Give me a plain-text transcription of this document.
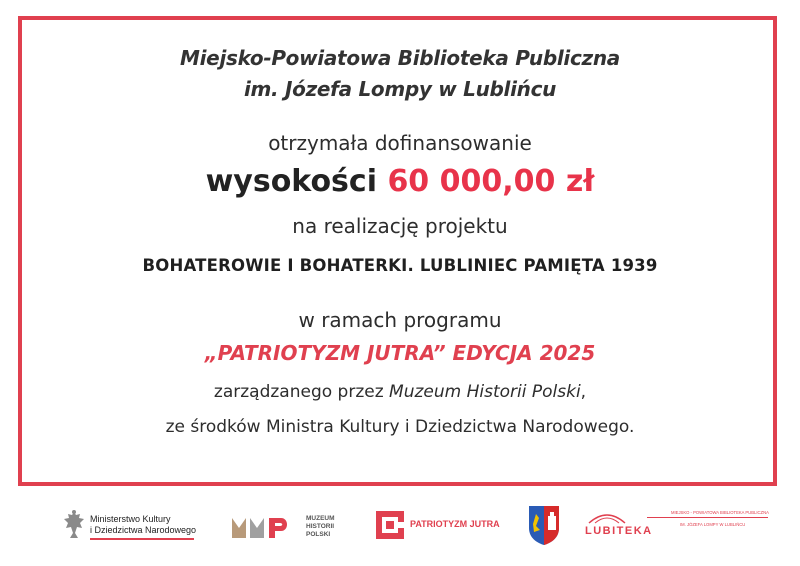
Miejsko-Powiatowa Biblioteka Publiczna
im. Józefa Lompy w Lublińcu
otrzymała dofinansowanie
wysokości 60 000,00 zł
na realizację projektu
BOHATEROWIE I BOHATERKI. LUBLINIEC PAMIĘTA 1939
w ramach programu
„PATRIOTYZM JUTRA” EDYCJA 2025
zarządzanego przez Muzeum Historii Polski,
ze środków Ministra Kultury i Dziedzictwa Narodowego.
Ministerstwo Kultury
i Dziedzictwa Narodowego
MUZEUM
HISTORII
POLSKI
PATRIOTYZM JUTRA
LUBITEKA
MIEJSKO - POWIATOWA BIBLIOTEKA PUBLICZNA
IM. JÓZEFA LOMPY W LUBLIŃCU
